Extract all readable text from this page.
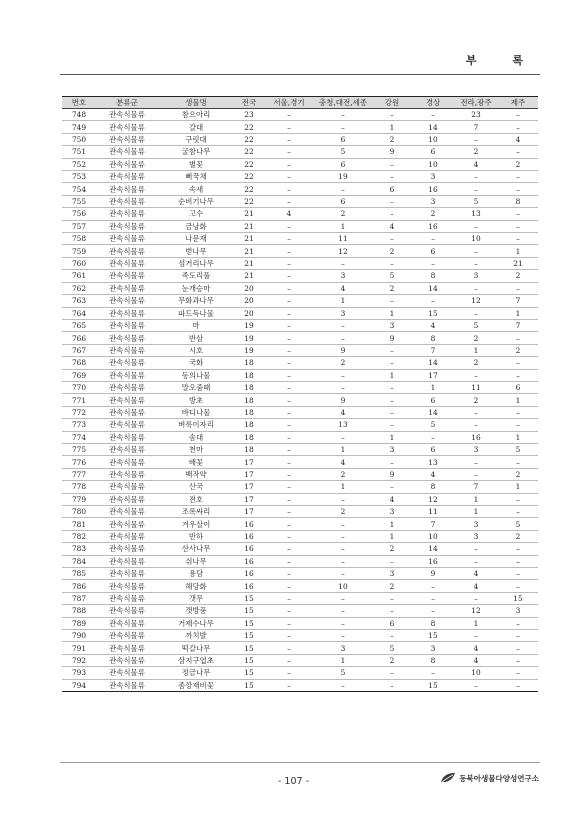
부 록
번호	분류군	생물명	전국	서울,경기	충청,대전,세종	강원	경상	전라,광주	제주
748	관속식물류	참으아리	23	–	–	–	–	23	–
749	관속식물류	갈대	22	–	–	1	14	7	–
750	관속식물류	구릿대	22	–	6	2	10	–	4
751	관속식물류	굴참나무	22	–	5	9	6	2	–
752	관속식물류	별꽃	22	–	6	–	10	4	2
753	관속식물류	뻐꾹채	22	–	19	–	3	–	–
754	관속식물류	속새	22	–	–	6	16	–	–
755	관속식물류	순비기나무	22	–	6	–	3	5	8
756	관속식물류	고수	21	4	2	–	2	13	–
757	관속식물류	금낭화	21	–	1	4	16	–	–
758	관속식물류	나문재	21	–	11	–	–	10	–
759	관속식물류	벋나무	21	–	12	2	6	–	1
760	관속식물류	섬거리나무	21	–	–	–	–	–	21
761	관속식물류	족도리풀	21	–	3	5	8	3	2
762	관속식물류	눈개승마	20	–	4	2	14	–	–
763	관속식물류	무화과나무	20	–	1	–	–	12	7
764	관속식물류	파드득나물	20	–	3	1	15	–	1
765	관속식물류	마	19	–	–	3	4	5	7
766	관속식물류	반삼	19	–	–	9	8	2	–
767	관속식물류	시호	19	–	9	–	7	1	2
768	관속식물류	국화	18	–	2	–	14	2	–
769	관속식물류	동의나물	18	–	–	1	17	–	–
770	관속식물류	말오줌때	18	–	–	–	1	11	6
771	관속식물류	방초	18	–	9	–	6	2	1
772	관속식물류	바디나물	18	–	4	–	14	–	–
773	관속식물류	벼룩이자리	18	–	13	–	5	–	–
774	관속식물류	솜대	18	–	–	1	–	16	1
775	관속식물류	천마	18	–	1	3	6	3	5
776	관속식물류	배꽃	17	–	4	–	13	–	–
777	관속식물류	백작약	17	–	2	9	4	–	2
778	관속식물류	산국	17	–	1	–	8	7	1
779	관속식물류	전호	17	–	–	4	12	1	–
780	관속식물류	조록싸리	17	–	2	3	11	1	–
781	관속식물류	겨우살이	16	–	–	1	7	3	5
782	관속식물류	반하	16	–	–	1	10	3	2
783	관속식물류	산사나무	16	–	–	2	14	–	–
784	관속식물류	쉬나무	16	–	–	–	16	–	–
785	관속식물류	용담	16	–	–	3	9	4	–
786	관속식물류	해당화	16	–	10	2	–	4	–
787	관속식물류	갯무	15	–	–	–	–	–	15
788	관속식물류	갯방풍	15	–	–	–	–	12	3
789	관속식물류	거제수나무	15	–	–	6	8	1	–
790	관속식물류	까치발	15	–	–	–	15	–	–
791	관속식물류	떡갈나무	15	–	3	5	3	4	–
792	관속식물류	삼지구엽초	15	–	1	2	8	4	–
793	관속식물류	정금나무	15	–	5	–	–	10	–
794	관속식물류	좀깡재비꽃	15	–	–	–	15	–	–
- 107 -	동북아생물다양성연구소
